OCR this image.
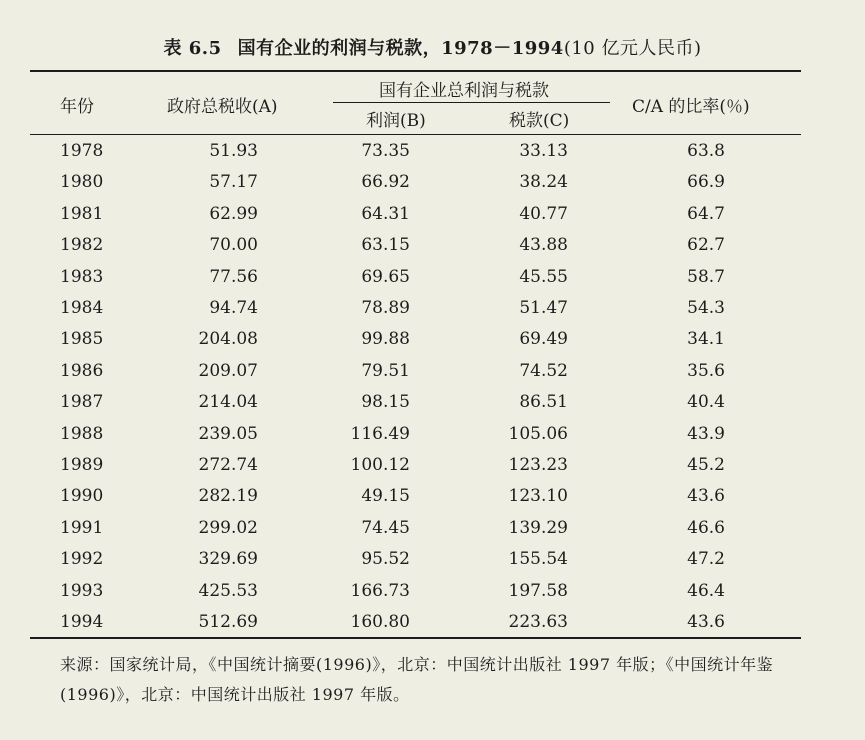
表 6.5 国有企业的利润与税款，1978－1994(10 亿元人民币)
年份	政府总税收(A)
国有企业总利润与税款
利润(B)	税款(C)
C/A 的比率(％)
1978	51.93	73.35	33.13	63.8
1980	57.17	66.92	38.24	66.9
1981	62.99	64.31	40.77	64.7
1982	70.00	63.15	43.88	62.7
1983	77.56	69.65	45.55	58.7
1984	94.74	78.89	51.47	54.3
1985	204.08	99.88	69.49	34.1
1986	209.07	79.51	74.52	35.6
1987	214.04	98.15	86.51	40.4
1988	239.05	116.49	105.06	43.9
1989	272.74	100.12	123.23	45.2
1990	282.19	49.15	123.10	43.6
1991	299.02	74.45	139.29	46.6
1992	329.69	95.52	155.54	47.2
1993	425.53	166.73	197.58	46.4
1994	512.69	160.80	223.63	43.6
来源：国家统计局，《中国统计摘要(1996)》，北京：中国统计出版社 1997 年版；《中国统计年鉴(1996)》，北京：中国统计出版社 1997 年版。
